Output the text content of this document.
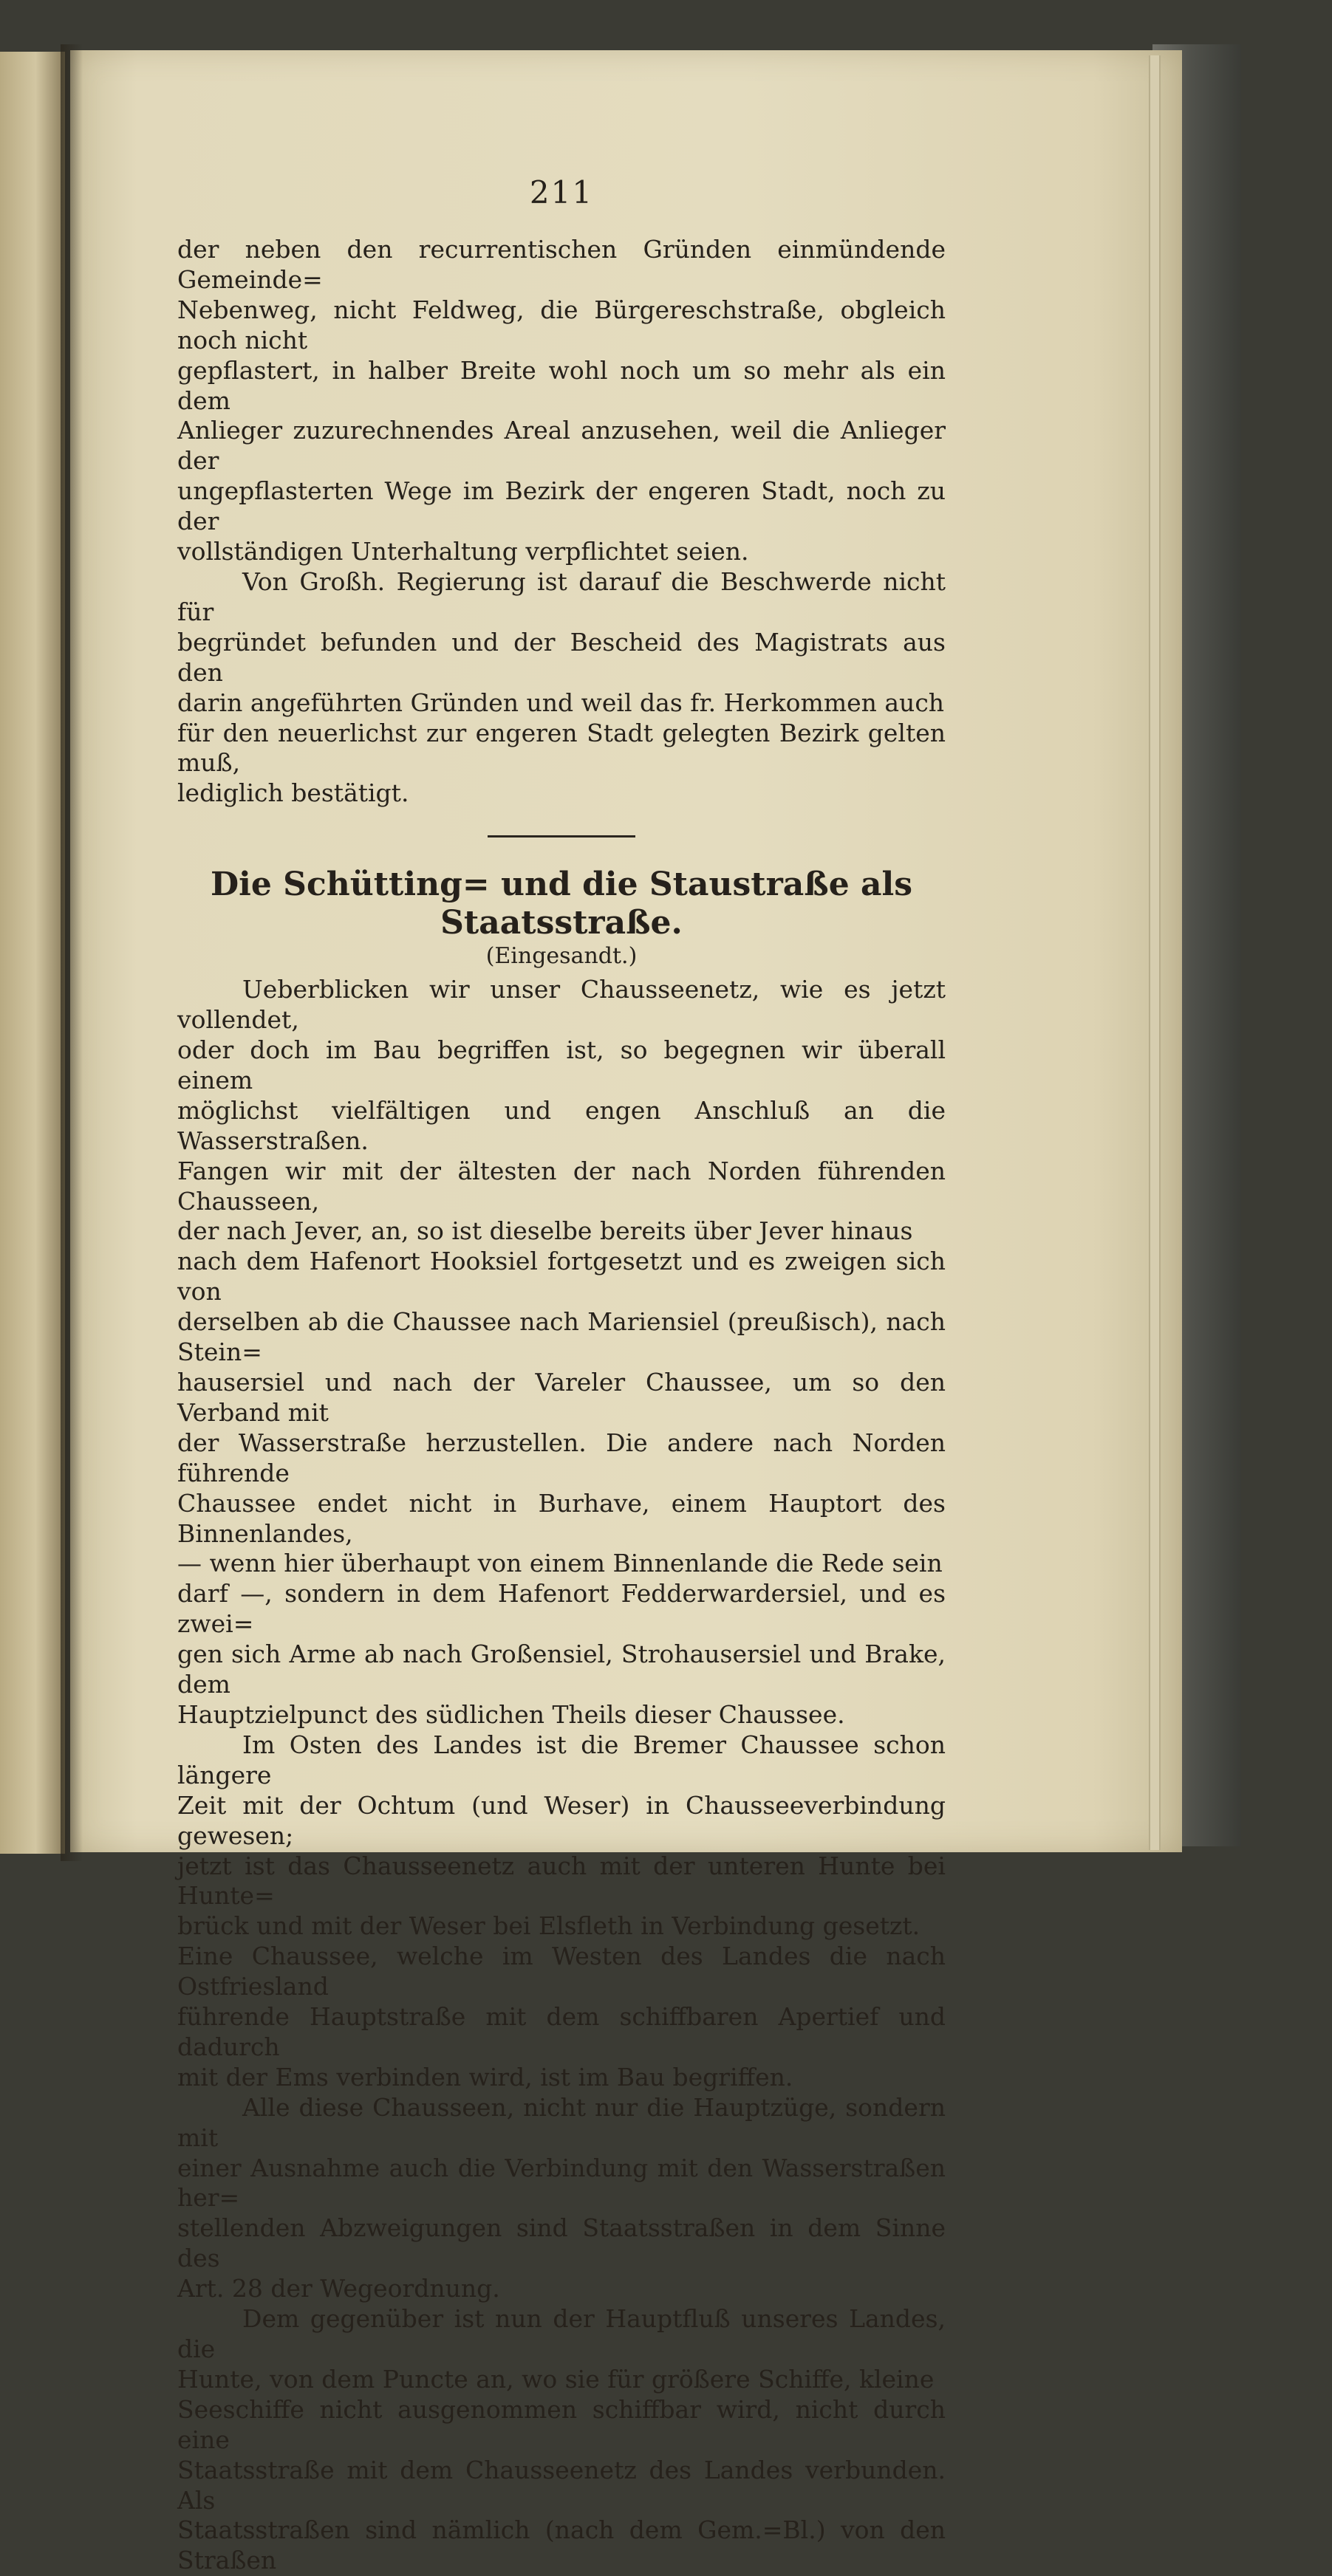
211

der neben den recurrentischen Gründen einmündende Gemeinde=

Nebenweg, nicht Feldweg, die Bürgereschstraße, obgleich noch nicht

gepflastert, in halber Breite wohl noch um so mehr als ein dem

Anlieger zuzurechnendes Areal anzusehen, weil die Anlieger der

ungepflasterten Wege im Bezirk der engeren Stadt, noch zu der

vollständigen Unterhaltung verpflichtet seien.

Von Großh. Regierung ist darauf die Beschwerde nicht für

begründet befunden und der Bescheid des Magistrats aus den

darin angeführten Gründen und weil das fr. Herkommen auch

für den neuerlichst zur engeren Stadt gelegten Bezirk gelten muß,

lediglich bestätigt.

Die Schütting= und die Staustraße als

Staatsstraße.

(Eingesandt.)

Ueberblicken wir unser Chausseenetz, wie es jetzt vollendet,

oder doch im Bau begriffen ist, so begegnen wir überall einem

möglichst vielfältigen und engen Anschluß an die Wasserstraßen.

Fangen wir mit der ältesten der nach Norden führenden Chausseen,

der nach Jever, an, so ist dieselbe bereits über Jever hinaus

nach dem Hafenort Hooksiel fortgesetzt und es zweigen sich von

derselben ab die Chaussee nach Mariensiel (preußisch), nach Stein=

hausersiel und nach der Vareler Chaussee, um so den Verband mit

der Wasserstraße herzustellen. Die andere nach Norden führende

Chaussee endet nicht in Burhave, einem Hauptort des Binnenlandes,

— wenn hier überhaupt von einem Binnenlande die Rede sein

darf —, sondern in dem Hafenort Fedderwardersiel, und es zwei=

gen sich Arme ab nach Großensiel, Strohausersiel und Brake, dem

Hauptzielpunct des südlichen Theils dieser Chaussee.

Im Osten des Landes ist die Bremer Chaussee schon längere

Zeit mit der Ochtum (und Weser) in Chausseeverbindung gewesen;

jetzt ist das Chausseenetz auch mit der unteren Hunte bei Hunte=

brück und mit der Weser bei Elsfleth in Verbindung gesetzt.

Eine Chaussee, welche im Westen des Landes die nach Ostfriesland

führende Hauptstraße mit dem schiffbaren Apertief und dadurch

mit der Ems verbinden wird, ist im Bau begriffen.

Alle diese Chausseen, nicht nur die Hauptzüge, sondern mit

einer Ausnahme auch die Verbindung mit den Wasserstraßen her=

stellenden Abzweigungen sind Staatsstraßen in dem Sinne des

Art. 28 der Wegeordnung.

Dem gegenüber ist nun der Hauptfluß unseres Landes, die

Hunte, von dem Puncte an, wo sie für größere Schiffe, kleine

Seeschiffe nicht ausgenommen schiffbar wird, nicht durch eine

Staatsstraße mit dem Chausseenetz des Landes verbunden. Als

Staatsstraßen sind nämlich (nach dem Gem.=Bl.) von den Straßen
